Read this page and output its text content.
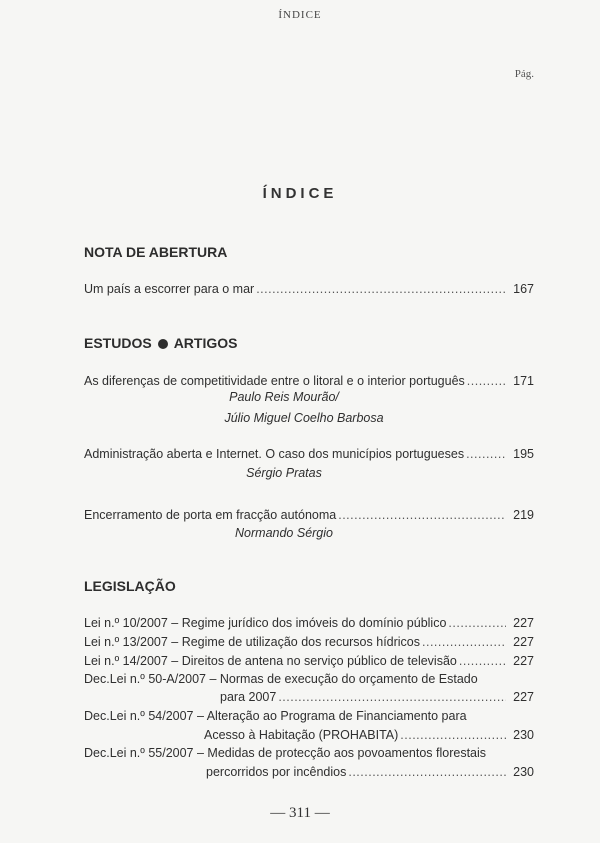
ÍNDICE
Pág.
ÍNDICE
NOTA DE ABERTURA
Um país a escorrer para o mar .....	167
ESTUDOS ARTIGOS
As diferenças de competitividade entre o litoral e o interior português .....	171
Paulo Reis Mourão/
Júlio Miguel Coelho Barbosa
Administração aberta e Internet. O caso dos municípios portugueses .....	195
Sérgio Pratas
Encerramento de porta em fracção autónoma .....	219
Normando Sérgio
LEGISLAÇÃO
Lei n.º 10/2007 – Regime jurídico dos imóveis do domínio público .....	227
Lei n.º 13/2007 – Regime de utilização dos recursos hídricos .....	227
Lei n.º 14/2007 – Direitos de antena no serviço público de televisão .....	227
Dec.Lei n.º 50-A/2007 – Normas de execução do orçamento de Estado
para 2007 .....	227
Dec.Lei n.º 54/2007 – Alteração ao Programa de Financiamento para
Acesso à Habitação (PROHABITA) .....	230
Dec.Lei n.º 55/2007 – Medidas de protecção aos povoamentos florestais
percorridos por incêndios .....	230
— 311 —
